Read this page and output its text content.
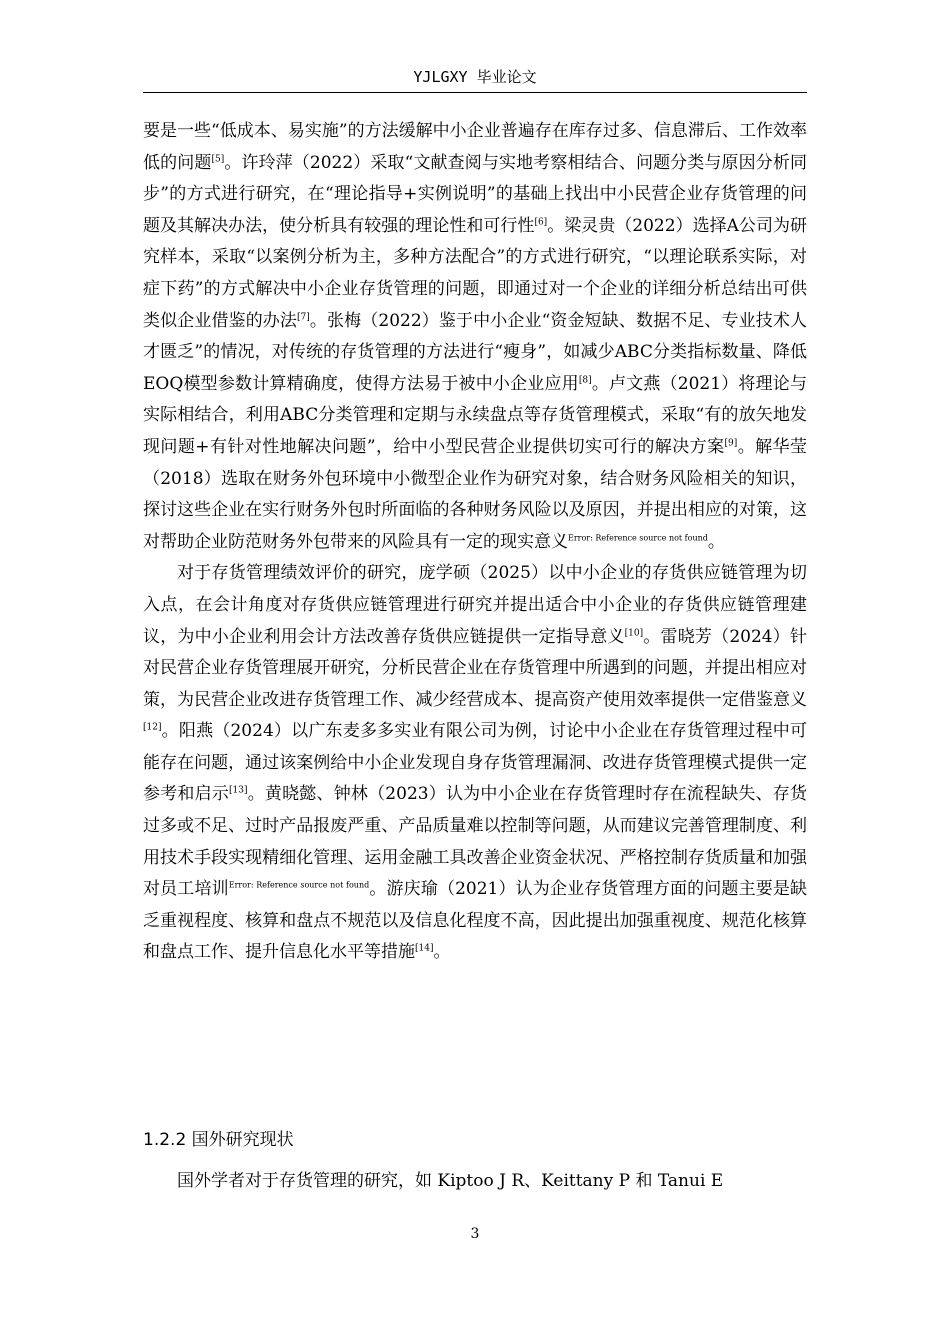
YJLGXY 毕业论文

要是一些“低成本、易实施”的方法缓解中小企业普遍存在库存过多、信息滞后、工作效率低的问题[5]。许玲萍（2022）采取“文献查阅与实地考察相结合、问题分类与原因分析同步”的方式进行研究，在“理论指导+实例说明”的基础上找出中小民营企业存货管理的问题及其解决办法，使分析具有较强的理论性和可行性[6]。梁灵贵（2022）选择A公司为研究样本，采取“以案例分析为主，多种方法配合”的方式进行研究，“以理论联系实际，对症下药”的方式解决中小企业存货管理的问题，即通过对一个企业的详细分析总结出可供类似企业借鉴的办法[7]。张梅（2022）鉴于中小企业“资金短缺、数据不足、专业技术人才匮乏”的情况，对传统的存货管理的方法进行“瘦身”，如减少ABC分类指标数量、降低EOQ模型参数计算精确度，使得方法易于被中小企业应用[8]。卢文燕（2021）将理论与实际相结合，利用ABC分类管理和定期与永续盘点等存货管理模式，采取“有的放矢地发现问题+有针对性地解决问题”，给中小型民营企业提供切实可行的解决方案[9]。解华莹（2018）选取在财务外包环境中小微型企业作为研究对象，结合财务风险相关的知识，探讨这些企业在实行财务外包时所面临的各种财务风险以及原因，并提出相应的对策，这对帮助企业防范财务外包带来的风险具有一定的现实意义$^{Error: Reference source not found}$。

对于存货管理绩效评价的研究，庞学硕（2025）以中小企业的存货供应链管理为切入点，在会计角度对存货供应链管理进行研究并提出适合中小企业的存货供应链管理建议，为中小企业利用会计方法改善存货供应链提供一定指导意义[10]。雷晓芳（2024）针对民营企业存货管理展开研究，分析民营企业在存货管理中所遇到的问题，并提出相应对策，为民营企业改进存货管理工作、减少经营成本、提高资产使用效率提供一定借鉴意义[12]。阳燕（2024）以广东麦多多实业有限公司为例，讨论中小企业在存货管理过程中可能存在问题，通过该案例给中小企业发现自身存货管理漏洞、改进存货管理模式提供一定参考和启示[13]。黄晓懿、钟林（2023）认为中小企业在存货管理时存在流程缺失、存货过多或不足、过时产品报废严重、产品质量难以控制等问题，从而建议完善管理制度、利用技术手段实现精细化管理、运用金融工具改善企业资金状况、严格控制存货质量和加强对员工培训$^{Error: Reference source not found}$。游庆瑜（2021）认为企业存货管理方面的问题主要是缺乏重视程度、核算和盘点不规范以及信息化程度不高，因此提出加强重视度、规范化核算和盘点工作、提升信息化水平等措施[14]。

1.2.2 国外研究现状
国外学者对于存货管理的研究，如 Kiptoo J R、Keittany P 和 Tanui E
3
